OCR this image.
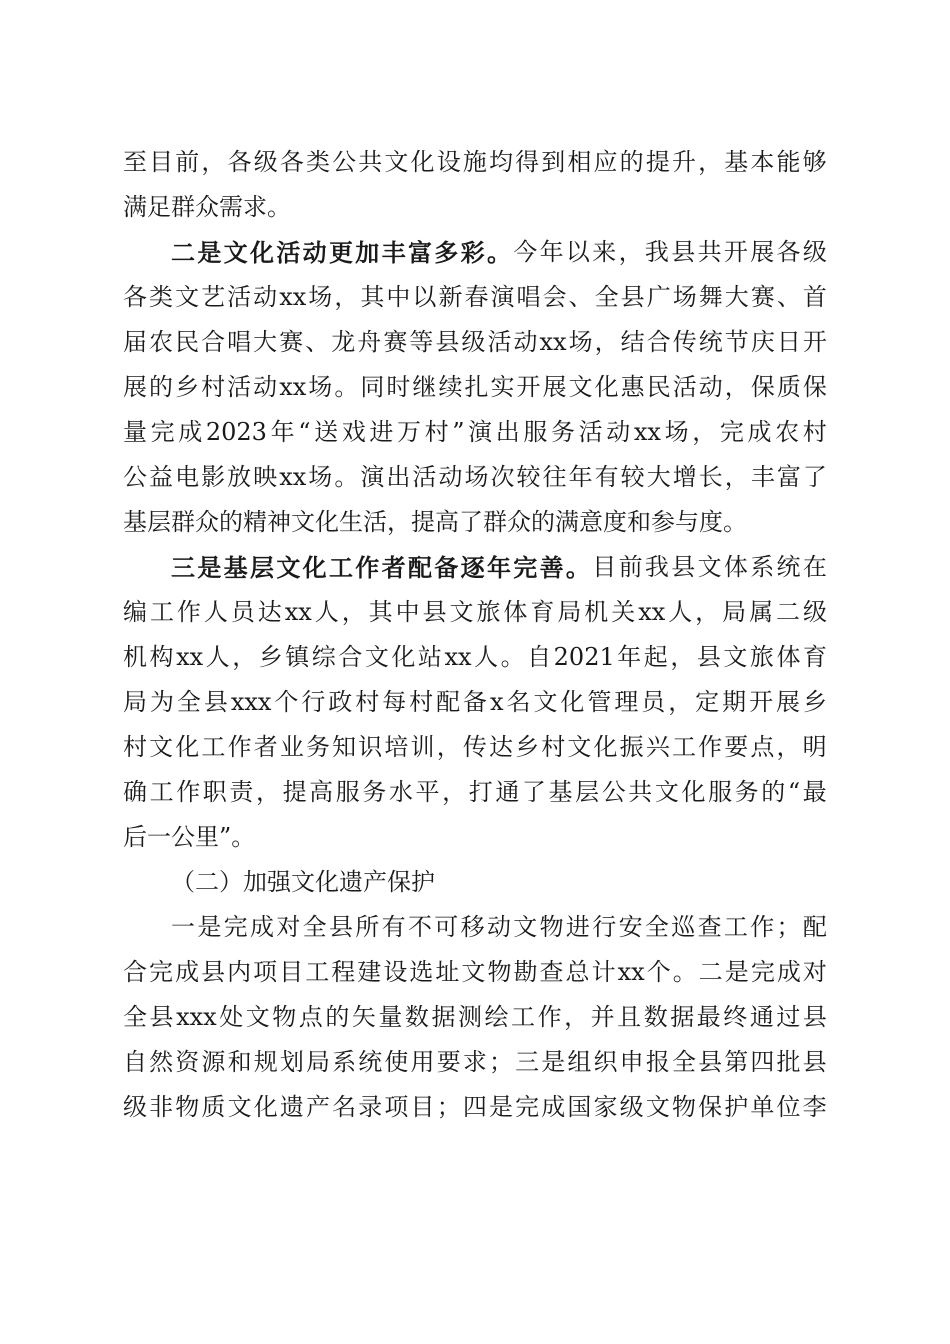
至 目 前 ， 各 级 各 类 公 共 文 化 设 施 均 得 到 相 应 的 提 升 ， 基 本 能 够
满 足 群 众 需 求 。
二 是 文 化 活 动 更 加 丰 富 多 彩 。 今 年 以 来 ， 我 县 共 开 展 各 级
各 类 文 艺 活 动 xx 场 ， 其 中 以 新 春 演 唱 会 、 全 县 广 场 舞 大 赛 、 首
届 农 民 合 唱 大 赛 、 龙 舟 赛 等 县 级 活 动 xx 场 ， 结 合 传 统 节 庆 日 开
展 的 乡 村 活 动 xx 场 。 同 时 继 续 扎 实 开 展 文 化 惠 民 活 动 ， 保 质 保
量 完 成 2023 年 “ 送 戏 进 万 村 ” 演 出 服 务 活 动 xx 场 ， 完 成 农 村
公 益 电 影 放 映 xx 场 。 演 出 活 动 场 次 较 往 年 有 较 大 增 长 ， 丰 富 了
基 层 群 众 的 精 神 文 化 生 活 ， 提 高 了 群 众 的 满 意 度 和 参 与 度 。
三 是 基 层 文 化 工 作 者 配 备 逐 年 完 善 。 目 前 我 县 文 体 系 统 在
编 工 作 人 员 达 xx 人 ， 其 中 县 文 旅 体 育 局 机 关 xx 人 ， 局 属 二 级
机 构 xx 人 ， 乡 镇 综 合 文 化 站 xx 人 。 自 2021 年 起 ， 县 文 旅 体 育
局 为 全 县 xxx 个 行 政 村 每 村 配 备 x 名 文 化 管 理 员 ， 定 期 开 展 乡
村 文 化 工 作 者 业 务 知 识 培 训 ， 传 达 乡 村 文 化 振 兴 工 作 要 点 ， 明
确 工 作 职 责 ， 提 高 服 务 水 平 ， 打 通 了 基 层 公 共 文 化 服 务 的 “ 最
后 一 公 里 ” 。
（ 二 ） 加 强 文 化 遗 产 保 护
一 是 完 成 对 全 县 所 有 不 可 移 动 文 物 进 行 安 全 巡 查 工 作 ； 配
合 完 成 县 内 项 目 工 程 建 设 选 址 文 物 勘 查 总 计 xx 个 。 二 是 完 成 对
全 县 xxx 处 文 物 点 的 矢 量 数 据 测 绘 工 作 ， 并 且 数 据 最 终 通 过 县
自 然 资 源 和 规 划 局 系 统 使 用 要 求 ； 三 是 组 织 申 报 全 县 第 四 批 县
级 非 物 质 文 化 遗 产 名 录 项 目 ； 四 是 完 成 国 家 级 文 物 保 护 单 位 李
